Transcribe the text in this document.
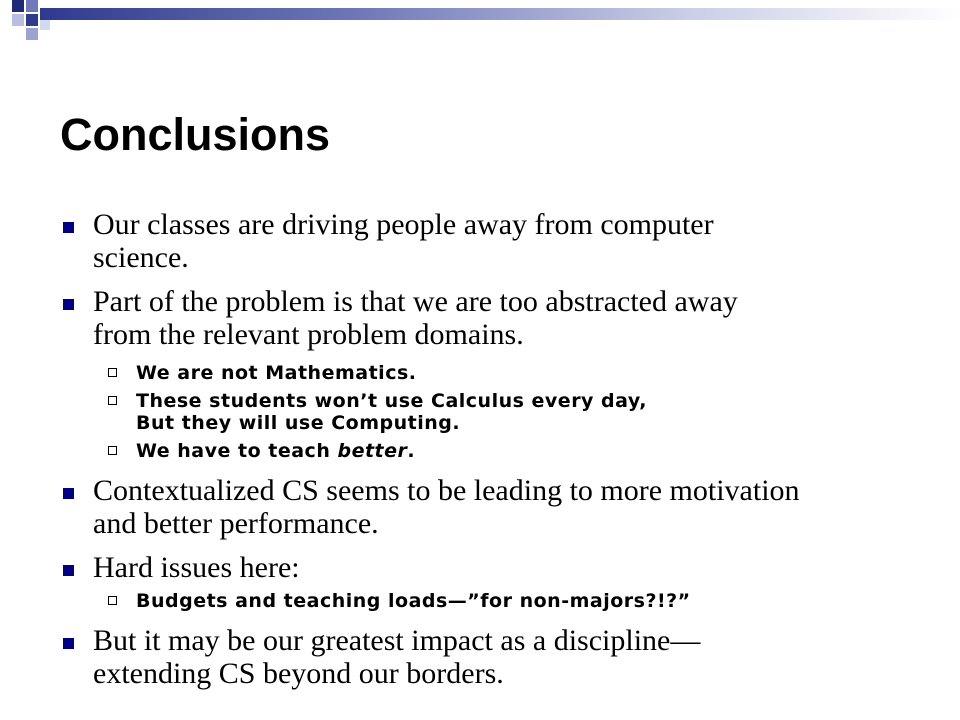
Conclusions
Our classes are driving people away from computer
science.
Part of the problem is that we are too abstracted away
from the relevant problem domains.
We are not Mathematics.
These students won’t use Calculus every day,
But they will use Computing.
We have to teach better.
Contextualized CS seems to be leading to more motivation
and better performance.
Hard issues here:
Budgets and teaching loads—”for non-majors?!?”
But it may be our greatest impact as a discipline—
extending CS beyond our borders.
